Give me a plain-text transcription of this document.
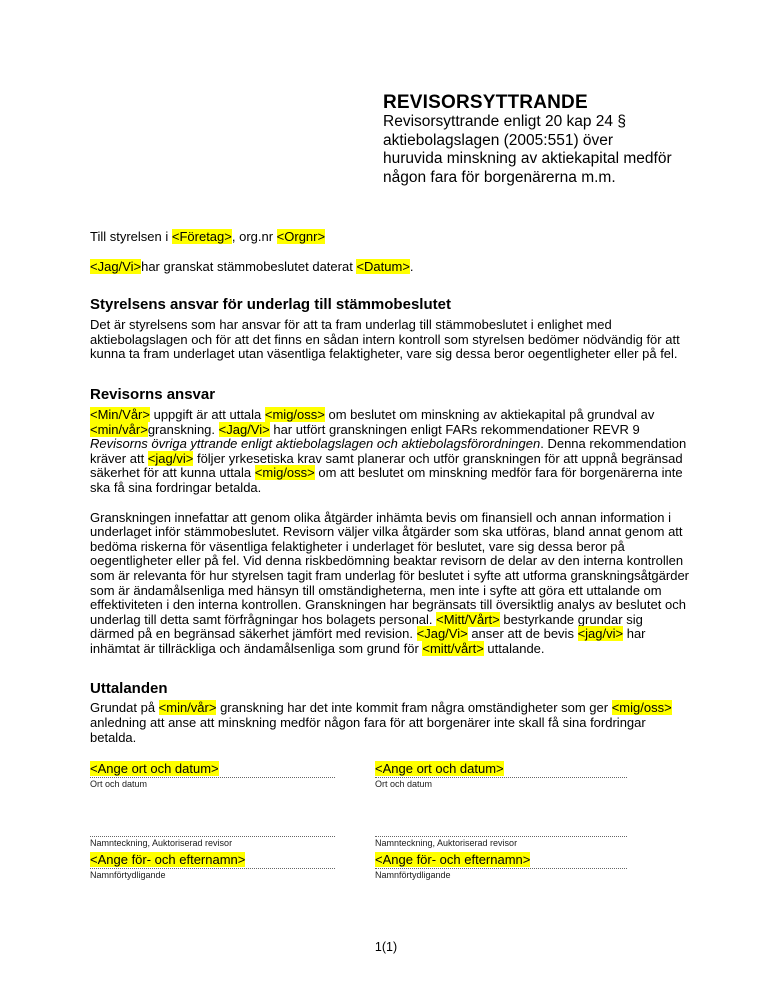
REVISORSYTTRANDE
Revisorsyttrande enligt 20 kap 24 §
aktiebolagslagen (2005:551) över
huruvida minskning av aktiekapital medför
någon fara för borgenärerna m.m.

Till styrelsen i <Företag>, org.nr <Orgnr>

<Jag/Vi>har granskat stämmobeslutet daterat <Datum>.

Styrelsens ansvar för underlag till stämmobeslutet

Det är styrelsens som har ansvar för att ta fram underlag till stämmobeslutet i enlighet med aktiebolagslagen och för att det finns en sådan intern kontroll som styrelsen bedömer nödvändig för att kunna ta fram underlaget utan väsentliga felaktigheter, vare sig dessa beror oegentligheter eller på fel.

Revisorns ansvar

<Min/Vår> uppgift är att uttala <mig/oss> om beslutet om minskning av aktiekapital på grundval av <min/vår>granskning. <Jag/Vi> har utfört granskningen enligt FARs rekommendationer REVR 9 Revisorns övriga yttrande enligt aktiebolagslagen och aktiebolagsförordningen. Denna rekommendation kräver att <jag/vi> följer yrkesetiska krav samt planerar och utför granskningen för att uppnå begränsad säkerhet för att kunna uttala <mig/oss> om att beslutet om minskning medför fara för borgenärerna inte ska få sina fordringar betalda.

Granskningen innefattar att genom olika åtgärder inhämta bevis om finansiell och annan information i underlaget inför stämmobeslutet. Revisorn väljer vilka åtgärder som ska utföras, bland annat genom att bedöma riskerna för väsentliga felaktigheter i underlaget för beslutet, vare sig dessa beror på oegentligheter eller på fel. Vid denna riskbedömning beaktar revisorn de delar av den interna kontrollen som är relevanta för hur styrelsen tagit fram underlag för beslutet i syfte att utforma granskningsåtgärder som är ändamålsenliga med hänsyn till omständigheterna, men inte i syfte att göra ett uttalande om effektiviteten i den interna kontrollen. Granskningen har begränsats till översiktlig analys av beslutet och underlag till detta samt förfrågningar hos bolagets personal. <Mitt/Vårt> bestyrkande grundar sig därmed på en begränsad säkerhet jämfört med revision. <Jag/Vi> anser att de bevis <jag/vi> har inhämtat är tillräckliga och ändamålsenliga som grund för <mitt/vårt> uttalande.

Uttalanden

Grundat på <min/vår> granskning har det inte kommit fram några omständigheter som ger <mig/oss> anledning att anse att minskning medför någon fara för att borgenärer inte skall få sina fordringar betalda.

<Ange ort och datum>
Ort och datum
<Ange ort och datum>
Ort och datum
Namnteckning, Auktoriserad revisor
<Ange för- och efternamn>
Namnförtydligande
Namnteckning, Auktoriserad revisor
<Ange för- och efternamn>
Namnförtydligande
1(1)
